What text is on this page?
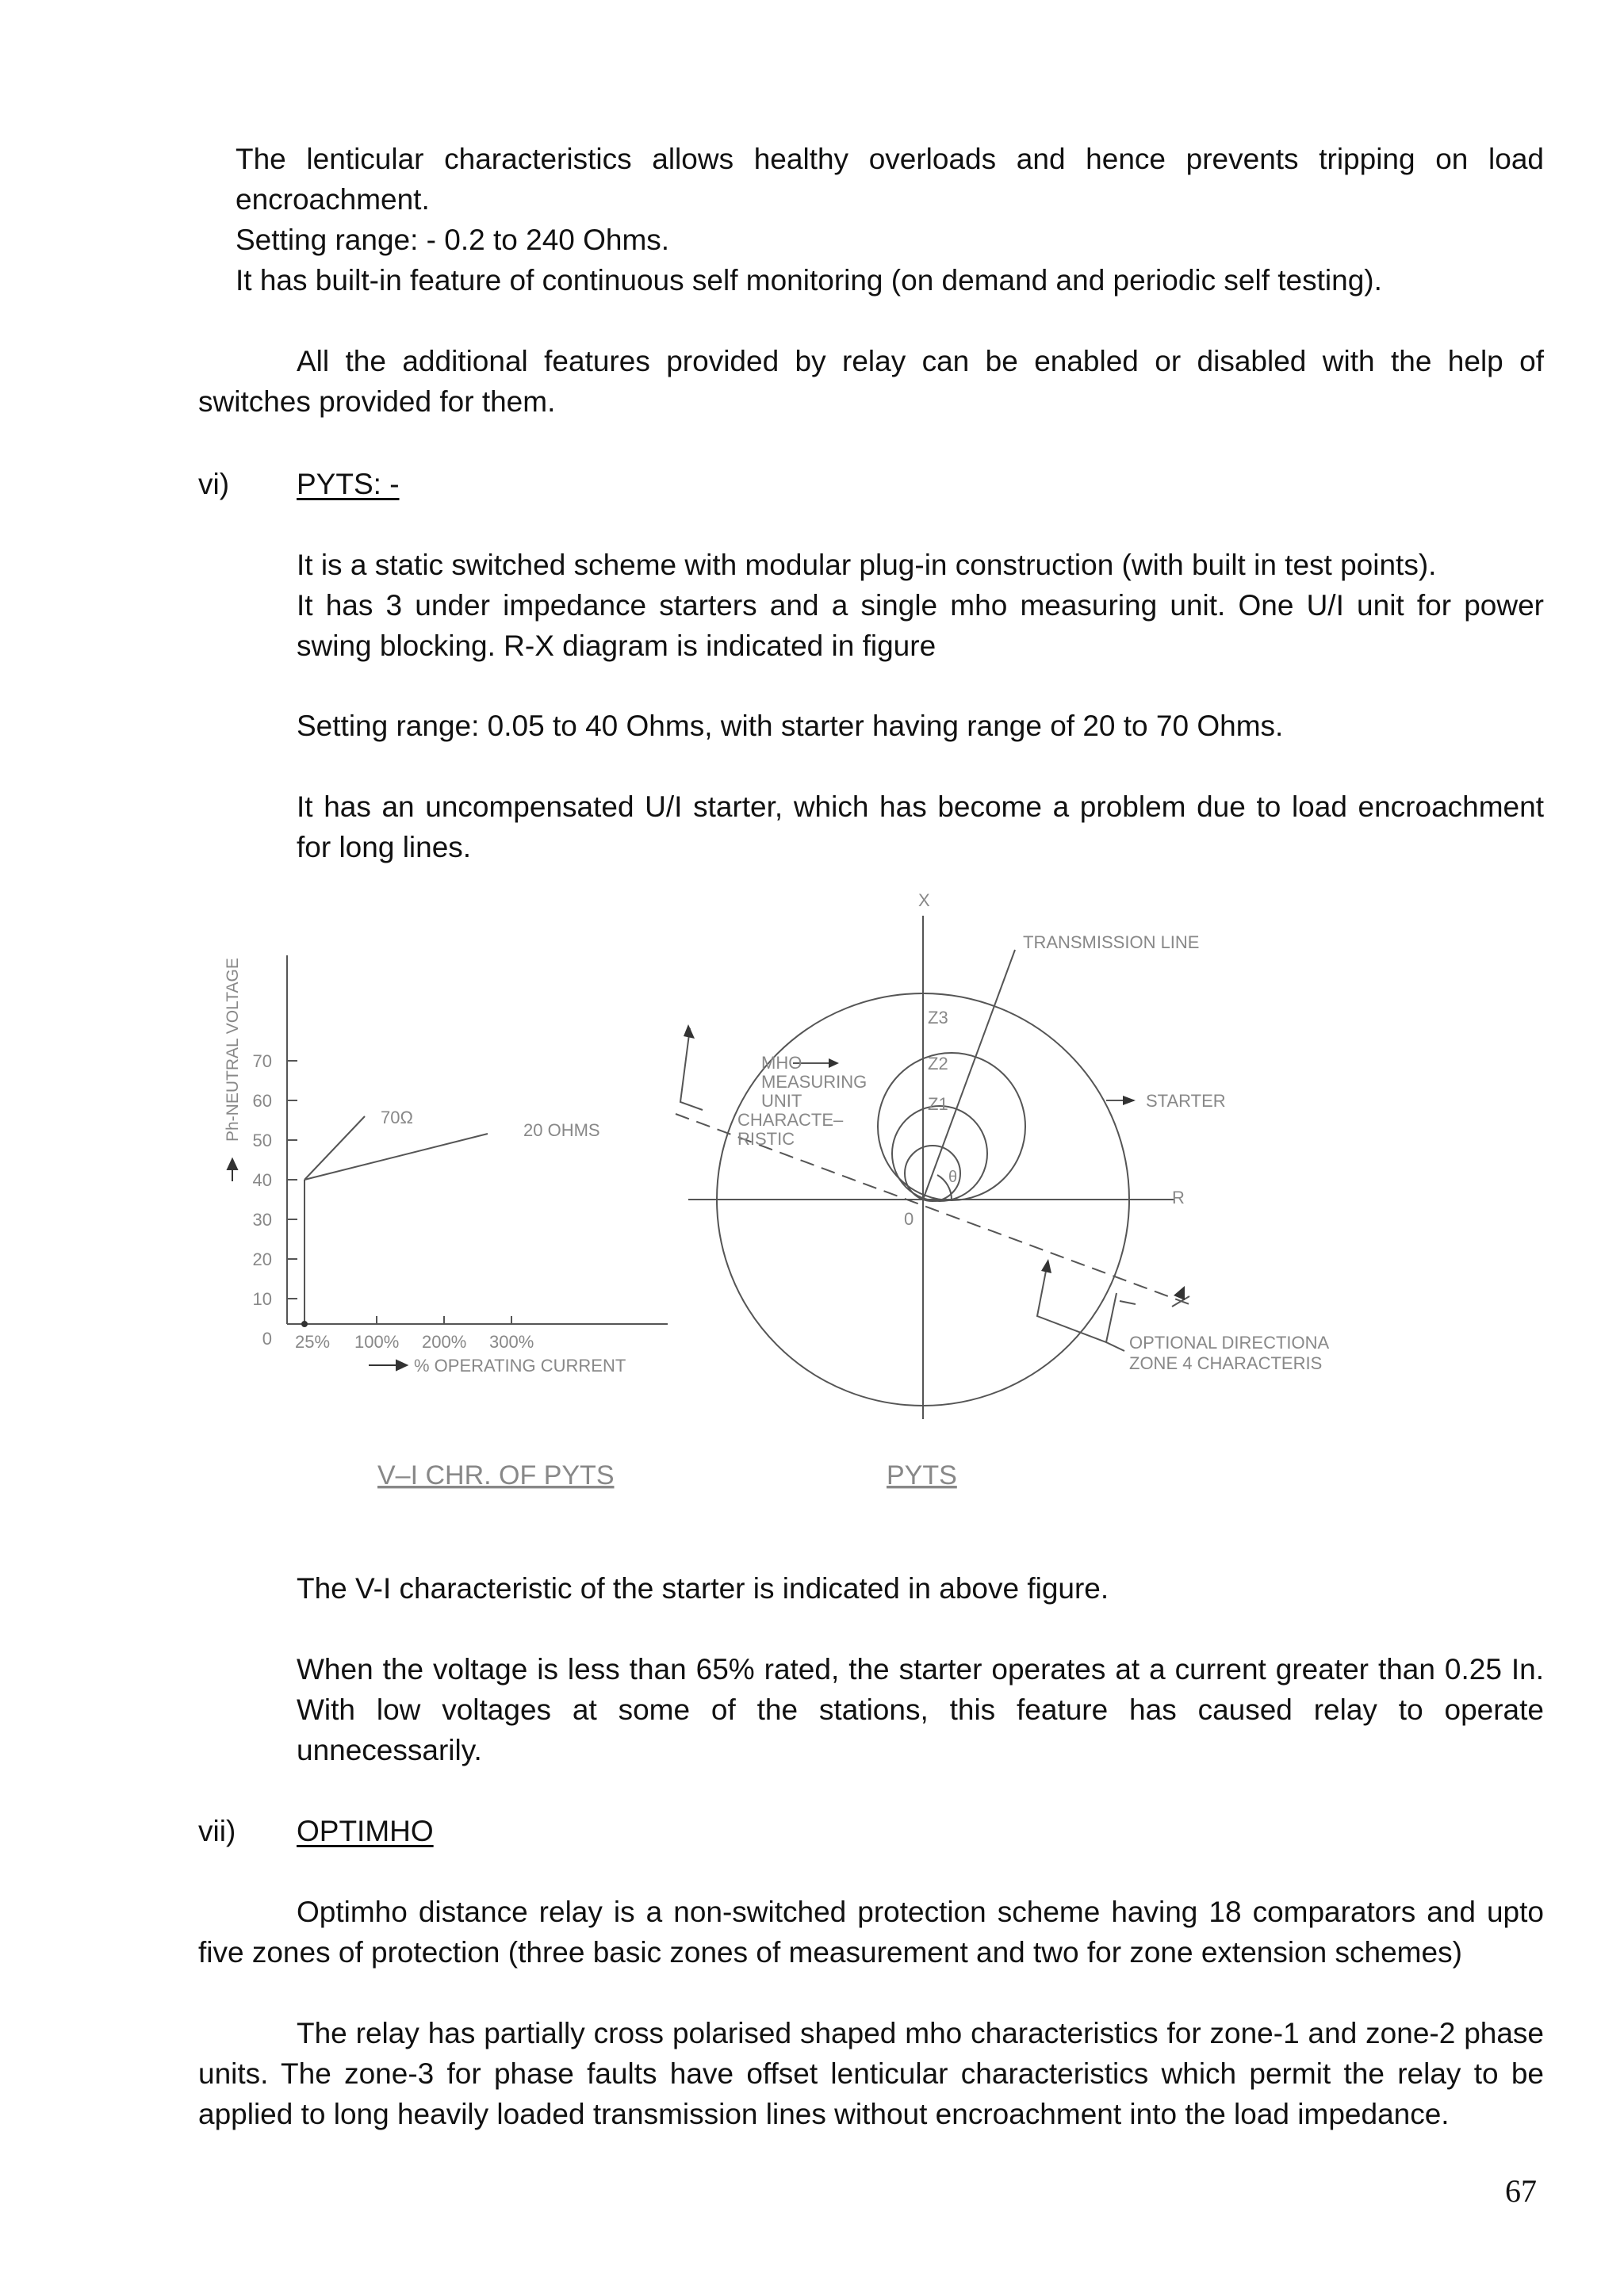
The lenticular characteristics allows healthy overloads and hence prevents tripping on load encroachment.

Setting range: - 0.2 to 240 Ohms.

It has built-in feature of continuous self monitoring (on demand and periodic self testing).

All the additional features provided by relay can be enabled or disabled with the help of switches provided for them.

vi) PYTS: -

It is a static switched scheme with modular plug-in construction (with built in test points).

It has 3 under impedance starters and a single mho measuring unit. One U/I unit for power swing blocking. R-X diagram is indicated in figure

Setting range: 0.05 to 40 Ohms, with starter having range of 20 to 70 Ohms.

It has an uncompensated U/I starter, which has become a problem due to load encroachment for long lines.

Ph-NEUTRAL VOLTAGE 70
60
50
40
30
20
10
0 25% 100% 200% 300%
% OPERATING CURRENT
70Ω
20 OHMS
V–I CHR. OF PYTS
X
R
0
θ
Z1
Z2
Z3
TRANSMISSION LINE
STARTER
MHO
MEASURING
UNIT
CHARACTE–
RISTIC
OPTIONAL DIRECTIONA
ZONE 4 CHARACTERIS
PYTS

The V-I characteristic of the starter is indicated in above figure.

When the voltage is less than 65% rated, the starter operates at a current greater than 0.25 In. With low voltages at some of the stations, this feature has caused relay to operate unnecessarily.

vii) OPTIMHO

Optimho distance relay is a non-switched protection scheme having 18 comparators and upto five zones of protection (three basic zones of measurement and two for zone extension schemes)

The relay has partially cross polarised shaped mho characteristics for zone-1 and zone-2 phase units. The zone-3 for phase faults have offset lenticular characteristics which permit the relay to be applied to long heavily loaded transmission lines without encroachment into the load impedance.

67
